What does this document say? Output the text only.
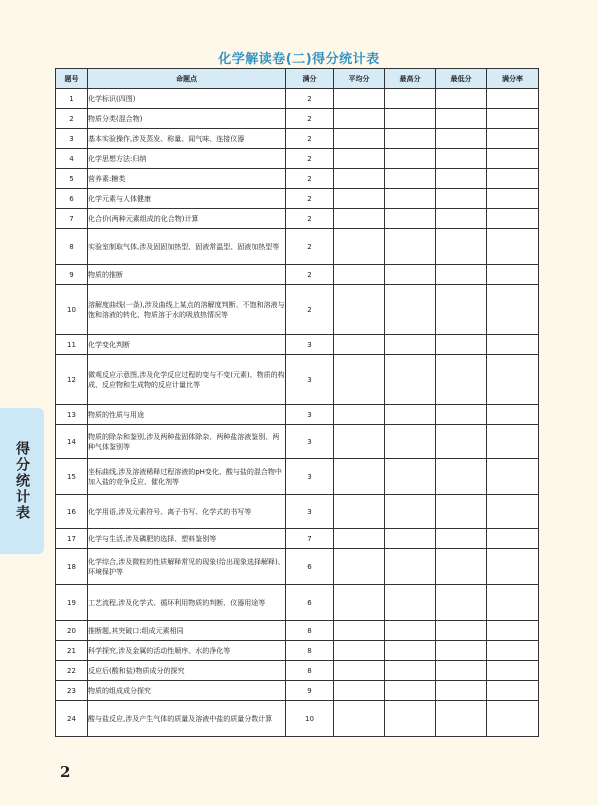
化学解读卷(二)得分统计表
题号	命题点	满分	平均分	最高分	最低分	满分率
1	化学标识(四图)	2				
2	物质分类(混合物)	2				
3	基本实验操作,涉及蒸发、称量、闻气味、连接仪器	2				
4	化学思想方法:归纳	2				
5	营养素:糖类	2				
6	化学元素与人体健康	2				
7	化合价(两种元素组成的化合物)计算	2				
8	实验室制取气体,涉及固固加热型、固液常温型、固液加热型等	2				
9	物质的推断	2				
10	溶解度曲线(一条),涉及曲线上某点的溶解度判断、不饱和溶液与饱和溶液的转化、物质溶于水的吸放热情况等	2				
11	化学变化判断	3				
12	微观反应示意图,涉及化学反应过程的变与不变(元素)、物质的构成、反应物和生成物的反应计量比等	3				
13	物质的性质与用途	3				
14	物质的除杂和鉴别,涉及两种盐固体除杂、两种盐溶液鉴别、两种气体鉴别等	3				
15	坐标曲线,涉及溶液稀释过程溶液的pH变化、酸与盐的混合物中加入盐的竞争反应、催化剂等	3				
16	化学用语,涉及元素符号、离子书写、化学式的书写等	3				
17	化学与生活,涉及磷肥的选择、塑料鉴别等	7				
18	化学综合,涉及微粒的性质解释常见的现象(给出现象选择解释)、环境保护等	6				
19	工艺流程,涉及化学式、循环利用物质的判断、仪器用途等	6				
20	推断题,其突破口:组成元素相同	8				
21	科学探究,涉及金属的活动性顺序、水的净化等	8				
22	反应后(酸和盐)物质成分的探究	8				
23	物质的组成成分探究	9				
24	酸与盐反应,涉及产生气体的质量及溶液中盐的质量分数计算	10				
得分统计表
2
